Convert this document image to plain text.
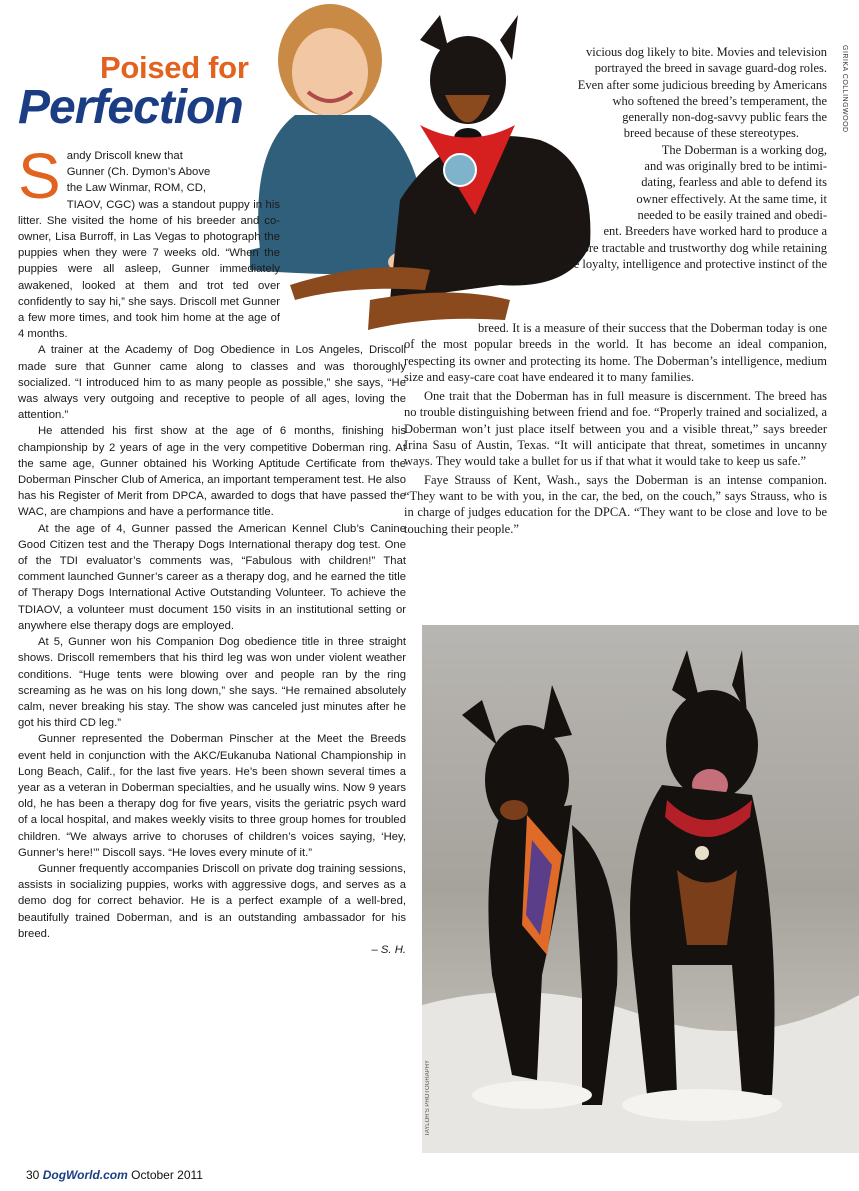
Poised for
Perfection	GIRIKA COLLINGWOOD
S andy Driscoll knew that
Gunner (Ch. Dymon’s Above
the Law Winmar, ROM, CD,

TIAOV, CGC) was a standout puppy in his litter. She visited the home of his breeder and co-owner, Lisa Burroff, in Las Vegas to photograph the puppies when they were 7 weeks old. “When the puppies were all asleep, Gunner immediately awakened, looked at them and trot ted over confidently to say hi,” she says. Driscoll met Gunner a few more times, and took him home at the age of 4 months.

A trainer at the Academy of Dog Obedience in Los Angeles, Driscoll made sure that Gunner came along to classes and was thoroughly socialized. “I introduced him to as many people as possible,” she says, “He was always very outgoing and receptive to people of all ages, loving the attention.”

He attended his first show at the age of 6 months, finishing his championship by 2 years of age in the very competitive Doberman ring. At the same age, Gunner obtained his Working Aptitude Certificate from the Doberman Pinscher Club of America, an important temperament test. He also has his Register of Merit from DPCA, awarded to dogs that have passed the WAC, are champions and have a performance title.

At the age of 4, Gunner passed the American Kennel Club’s Canine Good Citizen test and the Therapy Dogs International therapy dog test. One of the TDI evaluator’s comments was, “Fabulous with children!” That comment launched Gunner’s career as a therapy dog, and he earned the title of Therapy Dogs International Active Outstanding Volunteer. To achieve the TDIAOV, a volunteer must document 150 visits in an institutional setting or anywhere else therapy dogs are employed.

At 5, Gunner won his Companion Dog obedience title in three straight shows. Driscoll remembers that his third leg was won under violent weather conditions. “Huge tents were blowing over and people ran by the ring screaming as he was on his long down,” she says. “He remained absolutely calm, never breaking his stay. The show was canceled just minutes after he got his third CD leg.”

Gunner represented the Doberman Pinscher at the Meet the Breeds event held in conjunction with the AKC/Eukanuba National Championship in Long Beach, Calif., for the last five years. He’s been shown several times a year as a veteran in Doberman specialties, and he usually wins. Now 9 years old, he has been a therapy dog for five years, visits the geriatric psych ward of a local hospital, and makes weekly visits to three group homes for troubled children. “We always arrive to choruses of children’s voices saying, ‘Hey, Gunner’s here!’” Discoll says. “He loves every minute of it.”

Gunner frequently accompanies Driscoll on private dog training sessions, assists in socializing puppies, works with aggressive dogs, and serves as a demo dog for correct behavior. He is a perfect example of a well-bred, beautifully trained Doberman, and is an outstanding ambassador for his breed.

– S. H.
vicious dog likely to bite. Movies and television
portrayed the breed in savage guard-dog roles.
Even after some judicious breeding by Americans
who softened the breed’s temperament, the
generally non-dog-savvy public fears the
breed because of these stereotypes.
The Doberman is a working dog,
and was originally bred to be intimi-
dating, fearless and able to defend its
owner effectively. At the same time, it
needed to be easily trained and obedi-
ent. Breeders have worked hard to produce a
more tractable and trustworthy dog while retaining
the loyalty, intelligence and protective instinct of the

breed. It is a measure of their success that the Doberman today is one of the most popular breeds in the world. It has become an ideal companion, respecting its owner and protecting its home. The Doberman’s intelligence, medium size and easy-care coat have endeared it to many families.

One trait that the Doberman has in full measure is discernment. The breed has no trouble distinguishing between friend and foe. “Properly trained and socialized, a Doberman won’t just place itself between you and a visible threat,” says breeder Irina Sasu of Austin, Texas. “It will anticipate that threat, sometimes in uncanny ways. They would take a bullet for us if that what it would take to keep us safe.”

Faye Strauss of Kent, Wash., says the Doberman is an intense companion. “They want to be with you, in the car, the bed, on the couch,” says Strauss, who is in charge of judges education for the DPCA. “They want to be close and love to be touching their people.”

TAYLOR'S PHOTOGRAPHY
30 DogWorld.com October 2011
